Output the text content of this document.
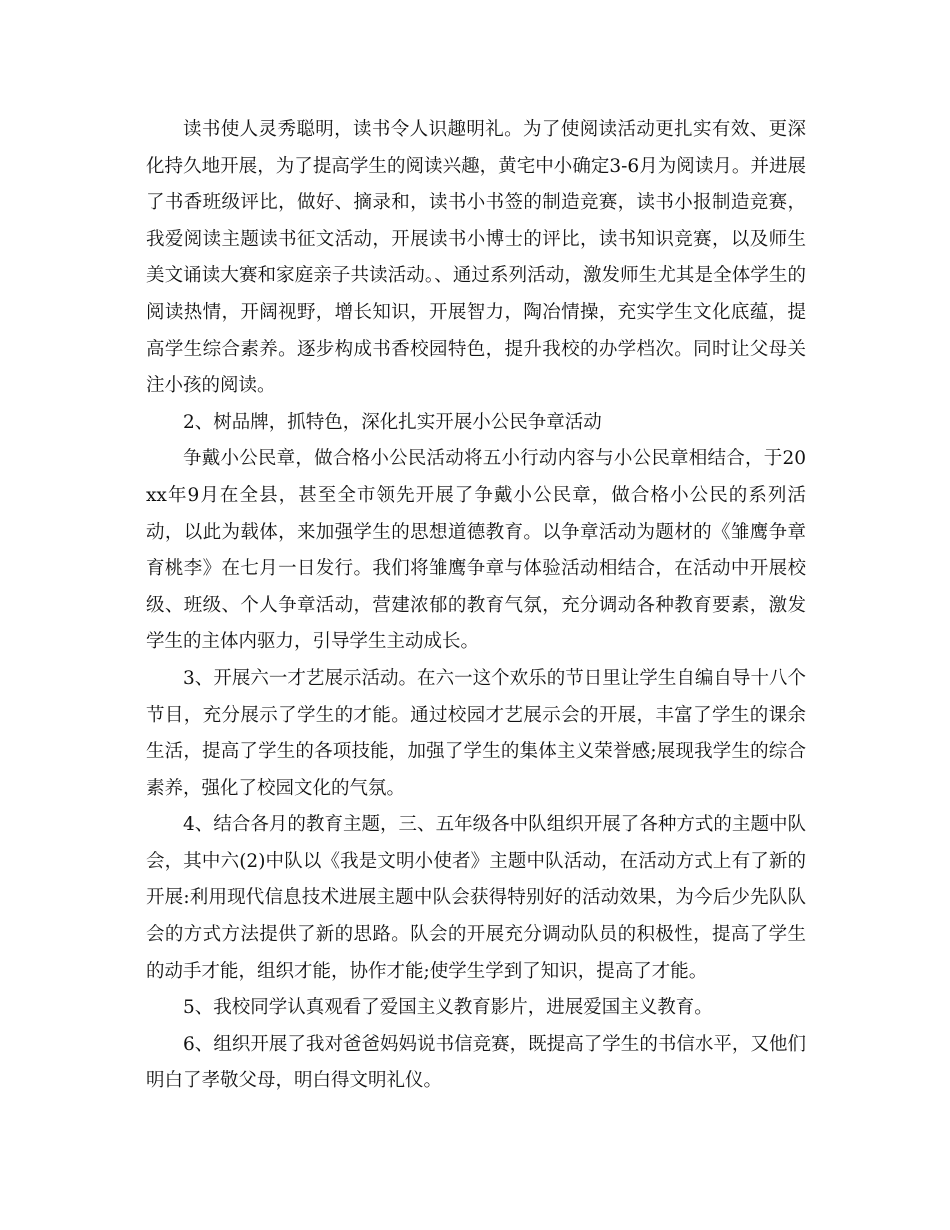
读书使人灵秀聪明，读书令人识趣明礼。为了使阅读活动更扎实有效、更深化持久地开展，为了提高学生的阅读兴趣，黄宅中小确定3-6月为阅读月。并进展了书香班级评比，做好、摘录和，读书小书签的制造竞赛，读书小报制造竞赛，我爱阅读主题读书征文活动，开展读书小博士的评比，读书知识竞赛，以及师生美文诵读大赛和家庭亲子共读活动。、通过系列活动，激发师生尤其是全体学生的阅读热情，开阔视野，增长知识，开展智力，陶冶情操，充实学生文化底蕴，提高学生综合素养。逐步构成书香校园特色，提升我校的办学档次。同时让父母关注小孩的阅读。

2、树品牌，抓特色，深化扎实开展小公民争章活动

争戴小公民章，做合格小公民活动将五小行动内容与小公民章相结合，于20xx年9月在全县，甚至全市领先开展了争戴小公民章，做合格小公民的系列活动，以此为载体，来加强学生的思想道德教育。以争章活动为题材的《雏鹰争章育桃李》在七月一日发行。我们将雏鹰争章与体验活动相结合，在活动中开展校级、班级、个人争章活动，营建浓郁的教育气氛，充分调动各种教育要素，激发学生的主体内驱力，引导学生主动成长。

3、开展六一才艺展示活动。在六一这个欢乐的节日里让学生自编自导十八个节目，充分展示了学生的才能。通过校园才艺展示会的开展，丰富了学生的课余生活，提高了学生的各项技能，加强了学生的集体主义荣誉感;展现我学生的综合素养，强化了校园文化的气氛。

4、结合各月的教育主题，三、五年级各中队组织开展了各种方式的主题中队会，其中六(2)中队以《我是文明小使者》主题中队活动，在活动方式上有了新的开展:利用现代信息技术进展主题中队会获得特别好的活动效果，为今后少先队队会的方式方法提供了新的思路。队会的开展充分调动队员的积极性，提高了学生的动手才能，组织才能，协作才能;使学生学到了知识，提高了才能。

5、我校同学认真观看了爱国主义教育影片，进展爱国主义教育。

6、组织开展了我对爸爸妈妈说书信竞赛，既提高了学生的书信水平，又他们明白了孝敬父母，明白得文明礼仪。
